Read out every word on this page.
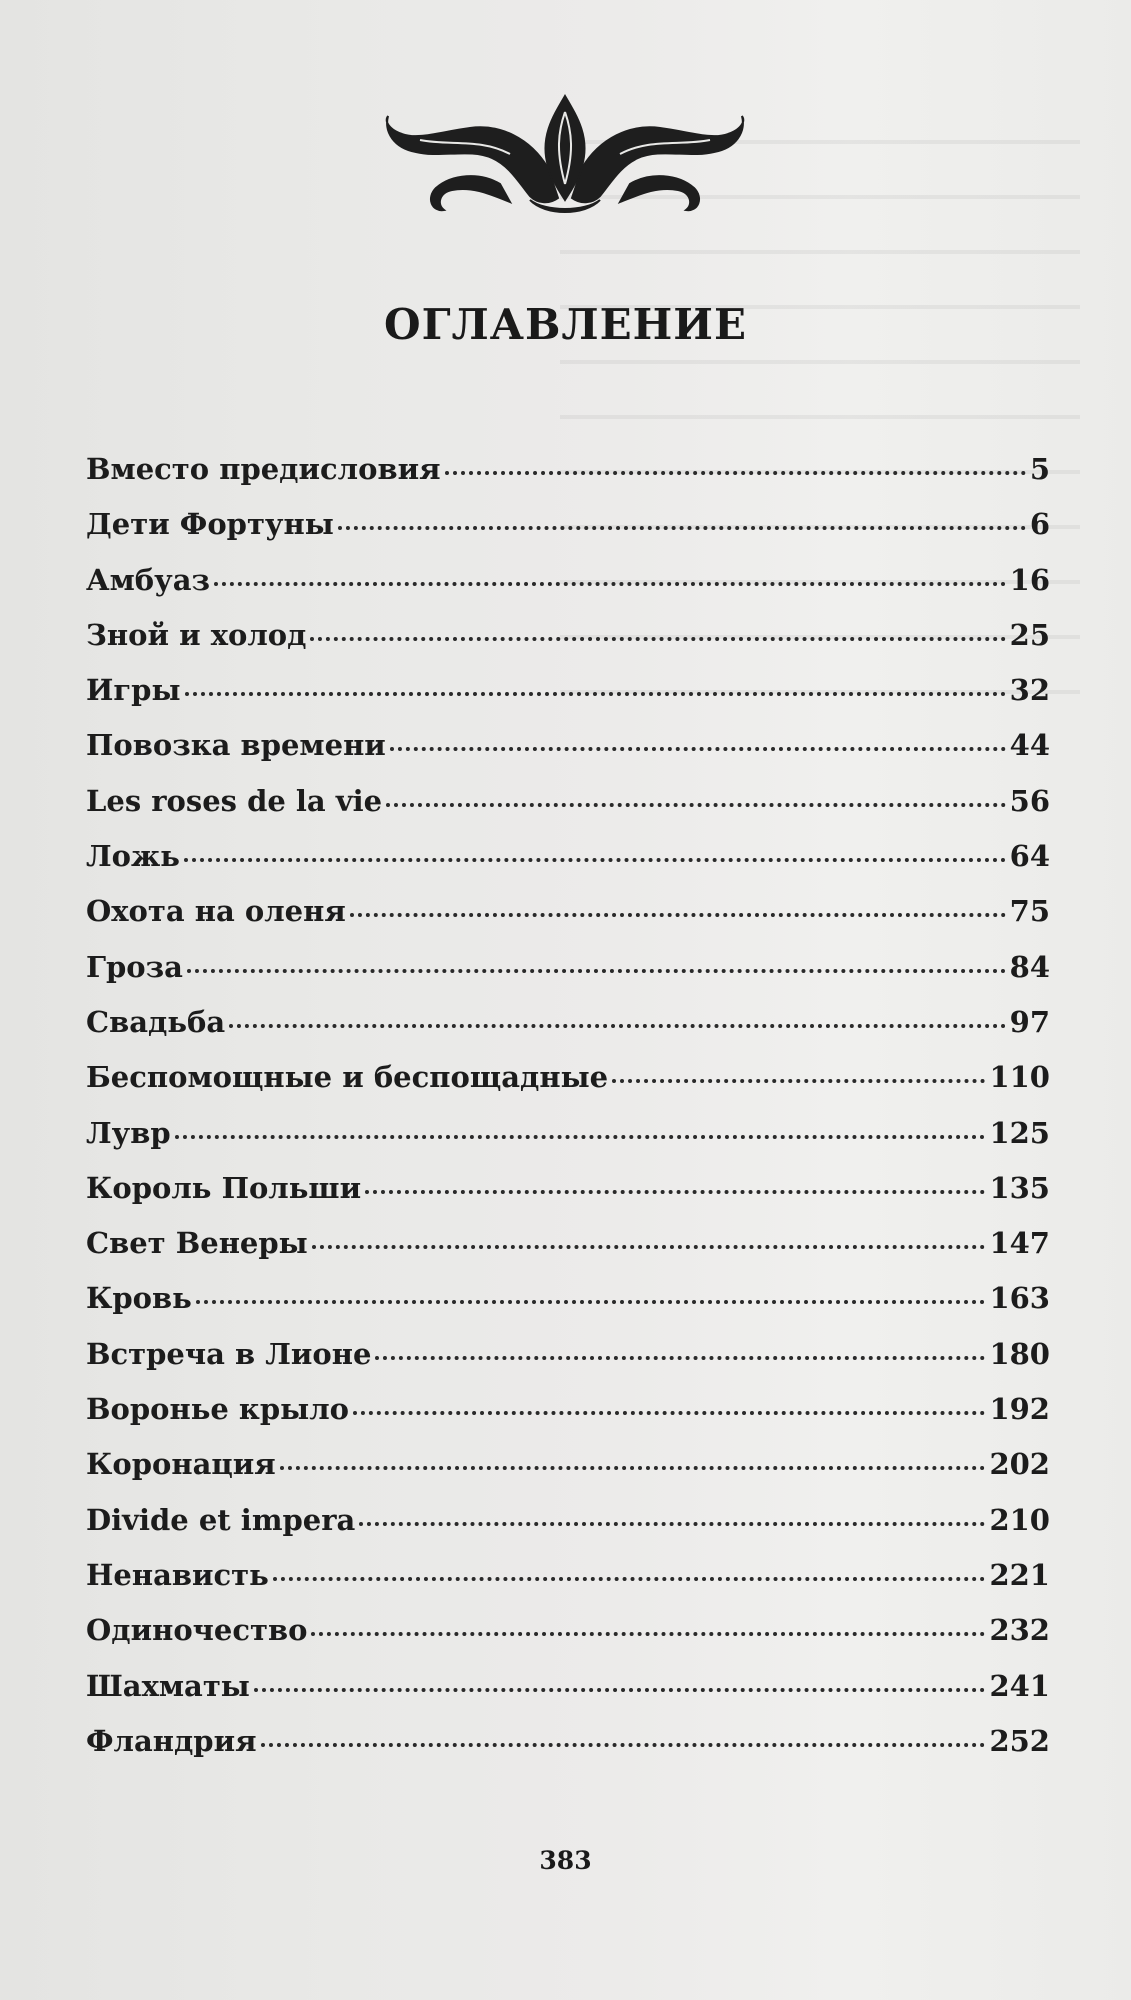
ОГЛАВЛЕНИЕ
Вместо предисловия	5
Дети Фортуны	6
Амбуаз	16
Зной и холод	25
Игры	32
Повозка времени	44
Les roses de la vie	56
Ложь	64
Охота на оленя	75
Гроза	84
Свадьба	97
Беспомощные и беспощадные	110
Лувр	125
Король Польши	135
Свет Венеры	147
Кровь	163
Встреча в Лионе	180
Воронье крыло	192
Коронация	202
Divide et impera	210
Ненависть	221
Одиночество	232
Шахматы	241
Фландрия	252
383
